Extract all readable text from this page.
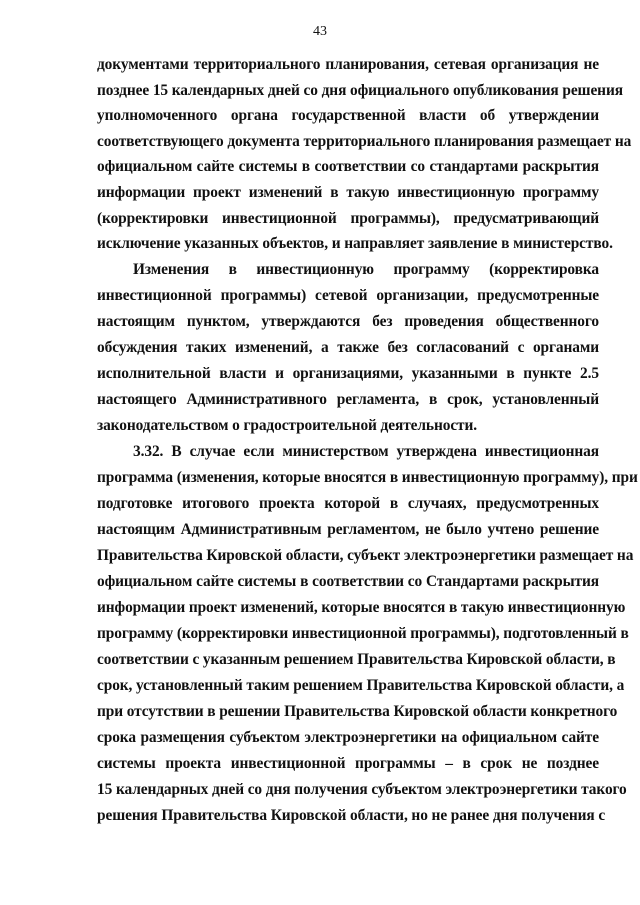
43
документами территориального планирования, сетевая организация не
позднее 15 календарных дней со дня официального опубликования решения
уполномоченного органа государственной власти об утверждении
соответствующего документа территориального планирования размещает на
официальном сайте системы в соответствии со стандартами раскрытия
информации проект изменений в такую инвестиционную программу
(корректировки инвестиционной программы), предусматривающий
исключение указанных объектов, и направляет заявление в министерство.
Изменения в инвестиционную программу (корректировка
инвестиционной программы) сетевой организации, предусмотренные
настоящим пунктом, утверждаются без проведения общественного
обсуждения таких изменений, а также без согласований с органами
исполнительной власти и организациями, указанными в пункте 2.5
настоящего Административного регламента, в срок, установленный
законодательством о градостроительной деятельности.
3.32. В случае если министерством утверждена инвестиционная
программа (изменения, которые вносятся в инвестиционную программу), при
подготовке итогового проекта которой в случаях, предусмотренных
настоящим Административным регламентом, не было учтено решение
Правительства Кировской области, субъект электроэнергетики размещает на
официальном сайте системы в соответствии со Стандартами раскрытия
информации проект изменений, которые вносятся в такую инвестиционную
программу (корректировки инвестиционной программы), подготовленный в
соответствии с указанным решением Правительства Кировской области, в
срок, установленный таким решением Правительства Кировской области, а
при отсутствии в решении Правительства Кировской области конкретного
срока размещения субъектом электроэнергетики на официальном сайте
системы проекта инвестиционной программы – в срок не позднее
15 календарных дней со дня получения субъектом электроэнергетики такого
решения Правительства Кировской области, но не ранее дня получения с
